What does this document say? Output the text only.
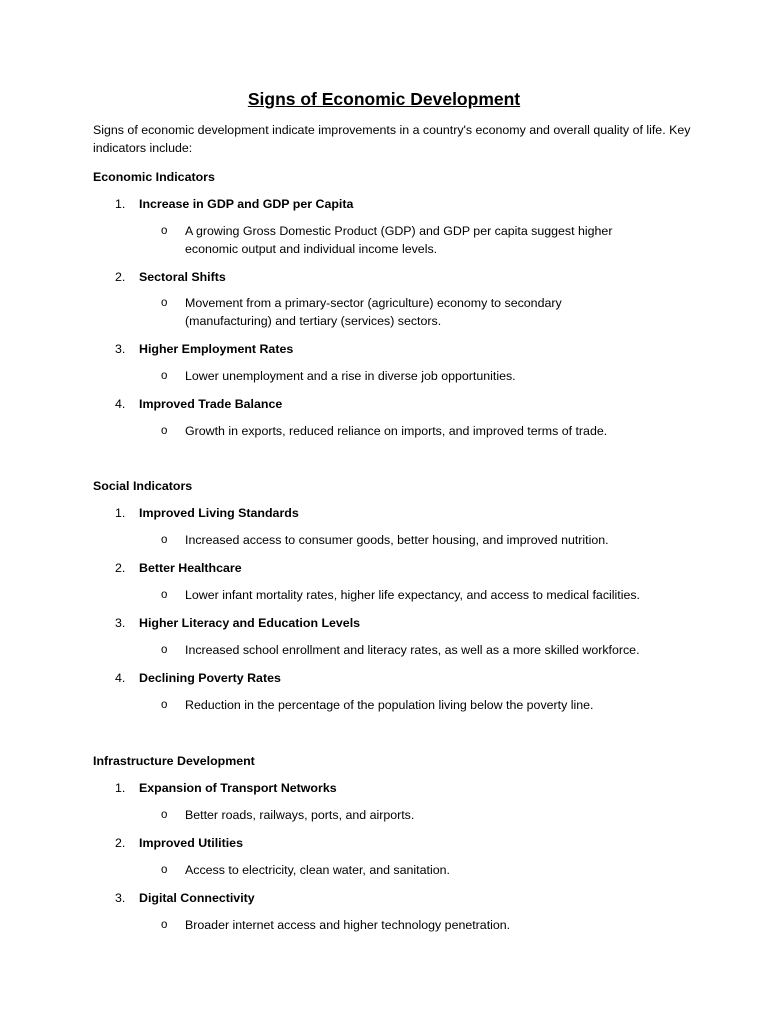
Signs of Economic Development
Signs of economic development indicate improvements in a country's economy and overall quality of life. Key indicators include:
Economic Indicators
1.	Increase in GDP and GDP per Capita
o A growing Gross Domestic Product (GDP) and GDP per capita suggest higher economic output and individual income levels.
2.	Sectoral Shifts
o Movement from a primary-sector (agriculture) economy to secondary (manufacturing) and tertiary (services) sectors.
3.	Higher Employment Rates
o Lower unemployment and a rise in diverse job opportunities.
4.	Improved Trade Balance
o Growth in exports, reduced reliance on imports, and improved terms of trade.
Social Indicators
1.	Improved Living Standards
o Increased access to consumer goods, better housing, and improved nutrition.
2.	Better Healthcare
o Lower infant mortality rates, higher life expectancy, and access to medical facilities.
3.	Higher Literacy and Education Levels
o Increased school enrollment and literacy rates, as well as a more skilled workforce.
4.	Declining Poverty Rates
o Reduction in the percentage of the population living below the poverty line.
Infrastructure Development
1.	Expansion of Transport Networks
o Better roads, railways, ports, and airports.
2.	Improved Utilities
o Access to electricity, clean water, and sanitation.
3.	Digital Connectivity
o Broader internet access and higher technology penetration.
